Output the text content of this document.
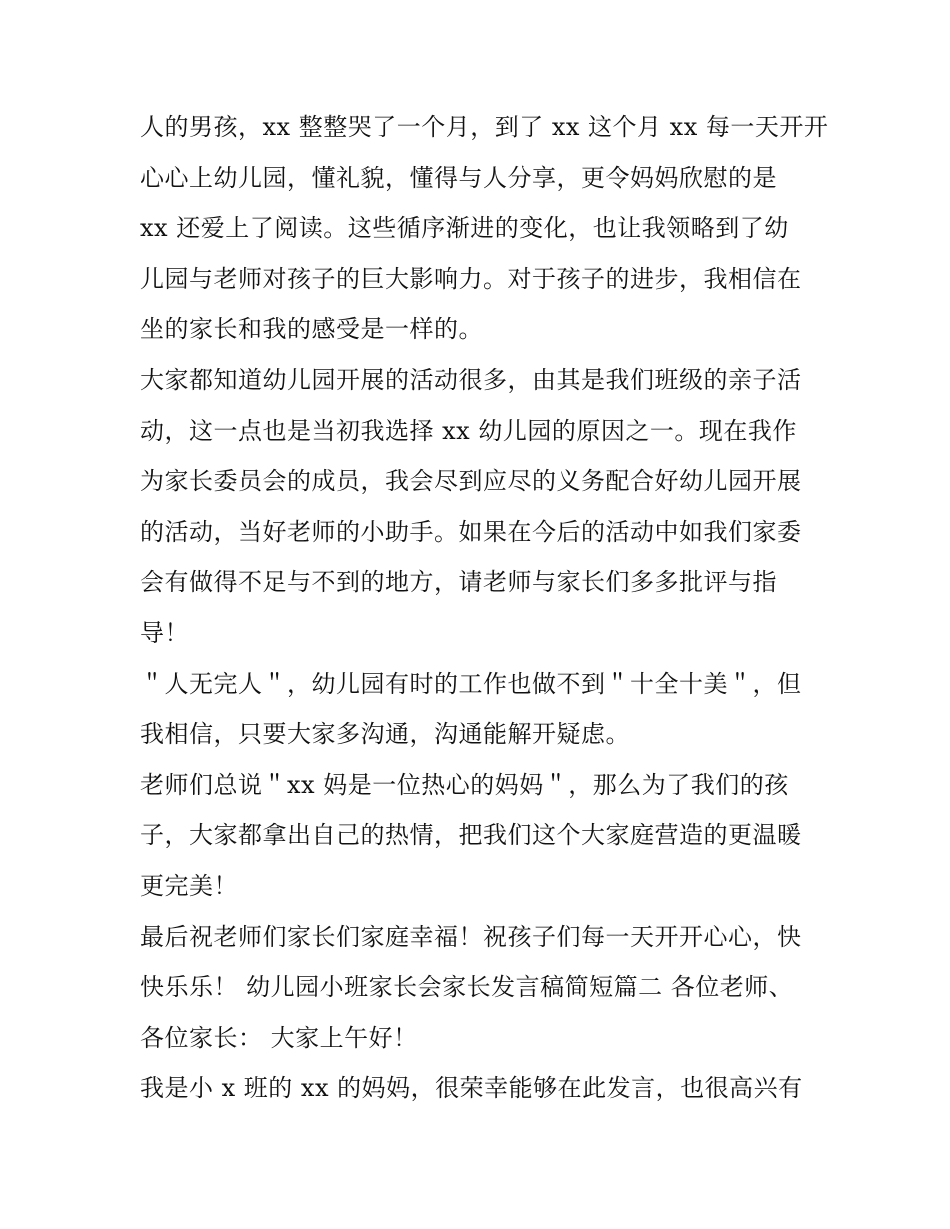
人的男孩，xx 整整哭了一个月，到了 xx 这个月 xx 每一天开开
心心上幼儿园，懂礼貌，懂得与人分享，更令妈妈欣慰的是
xx 还爱上了阅读。这些循序渐进的变化，也让我领略到了幼
儿园与老师对孩子的巨大影响力。对于孩子的进步，我相信在
坐的家长和我的感受是一样的。
大家都知道幼儿园开展的活动很多，由其是我们班级的亲子活
动，这一点也是当初我选择 xx 幼儿园的原因之一。现在我作
为家长委员会的成员，我会尽到应尽的义务配合好幼儿园开展
的活动，当好老师的小助手。如果在今后的活动中如我们家委
会有做得不足与不到的地方，请老师与家长们多多批评与指
导！
＂人无完人＂，幼儿园有时的工作也做不到＂十全十美＂，但
我相信，只要大家多沟通，沟通能解开疑虑。
老师们总说＂xx 妈是一位热心的妈妈＂，那么为了我们的孩
子，大家都拿出自己的热情，把我们这个大家庭营造的更温暖
更完美！
最后祝老师们家长们家庭幸福！祝孩子们每一天开开心心，快
快乐乐！ 幼儿园小班家长会家长发言稿简短篇二 各位老师、
各位家长： 大家上午好！
我是小 x 班的 xx 的妈妈，很荣幸能够在此发言，也很高兴有
